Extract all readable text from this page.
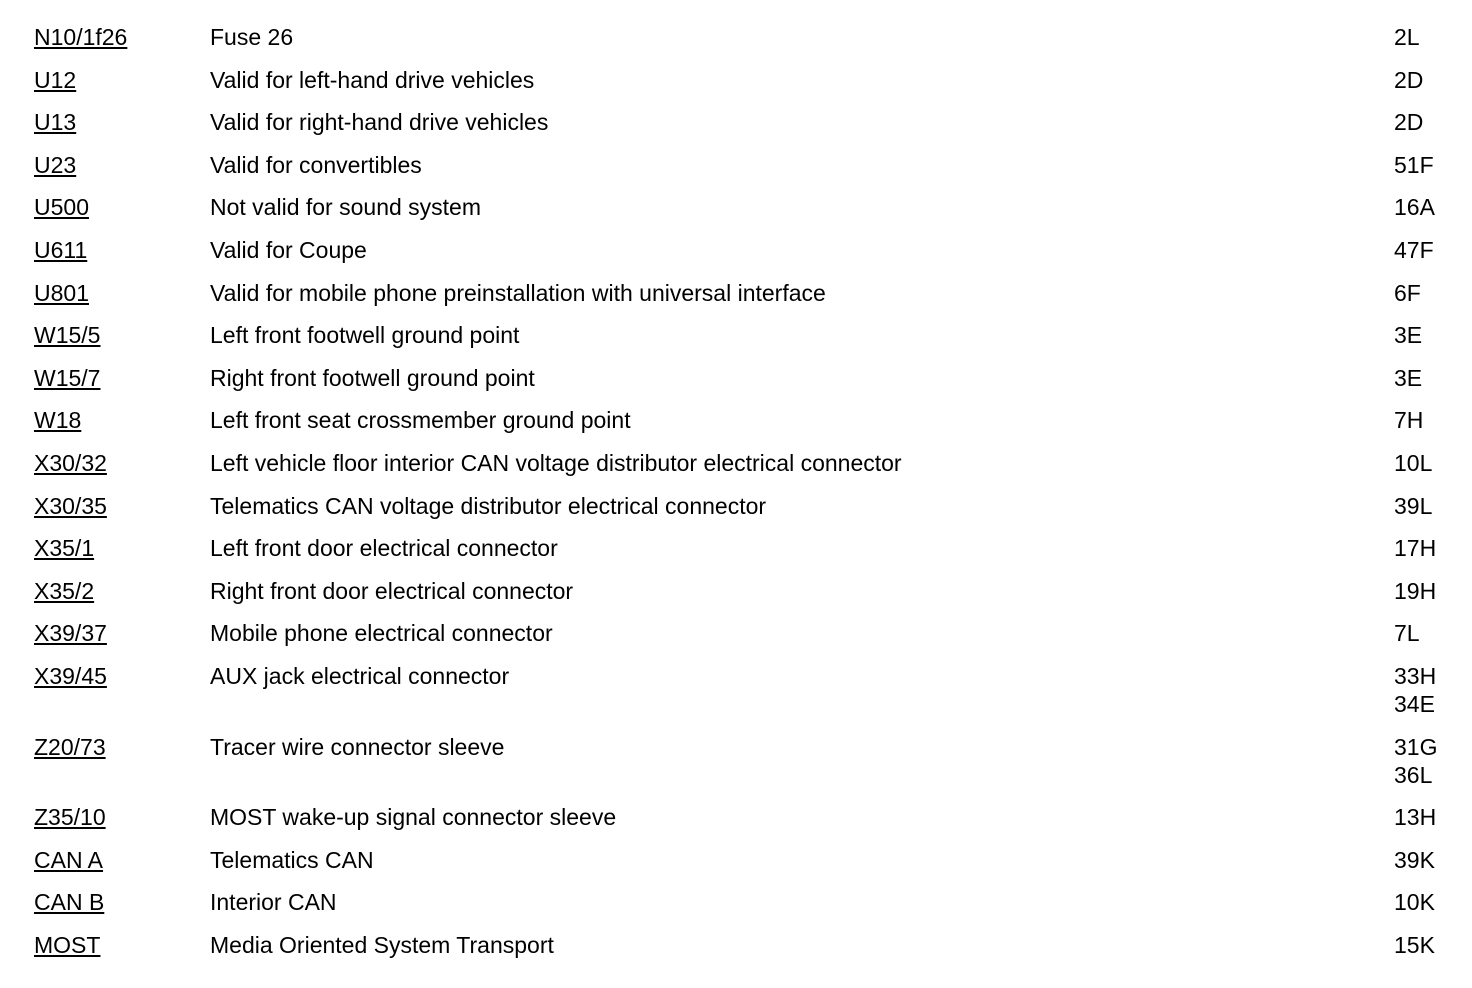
N10/1f26	Fuse 26	2L
U12	Valid for left-hand drive vehicles	2D
U13	Valid for right-hand drive vehicles	2D
U23	Valid for convertibles	51F
U500	Not valid for sound system	16A
U611	Valid for Coupe	47F
U801	Valid for mobile phone preinstallation with universal interface	6F
W15/5	Left front footwell ground point	3E
W15/7	Right front footwell ground point	3E
W18	Left front seat crossmember ground point	7H
X30/32	Left vehicle floor interior CAN voltage distributor electrical connector	10L
X30/35	Telematics CAN voltage distributor electrical connector	39L
X35/1	Left front door electrical connector	17H
X35/2	Right front door electrical connector	19H
X39/37	Mobile phone electrical connector	7L
X39/45	AUX jack electrical connector	33H
34E
Z20/73	Tracer wire connector sleeve	31G
36L
Z35/10	MOST wake-up signal connector sleeve	13H
CAN A	Telematics CAN	39K
CAN B	Interior CAN	10K
MOST	Media Oriented System Transport	15K
